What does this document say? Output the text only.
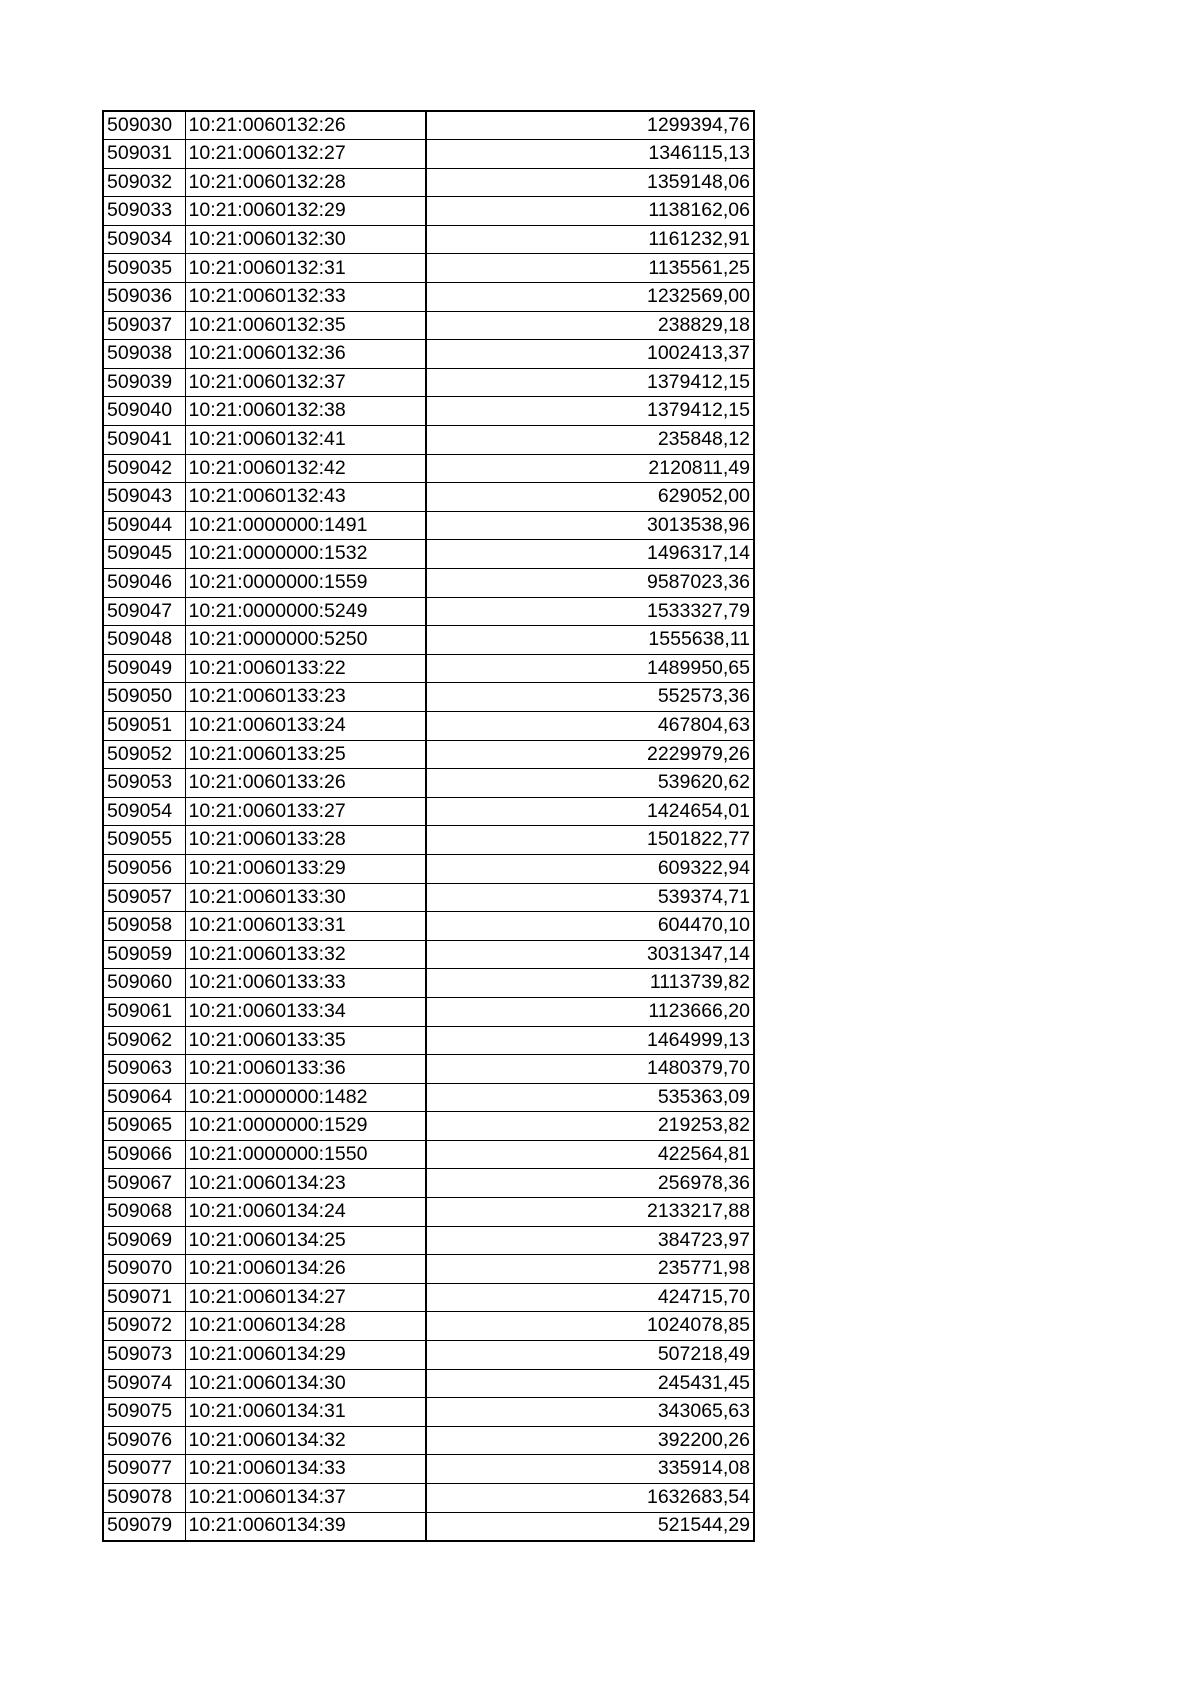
509030	10:21:0060132:26	1299394,76
509031	10:21:0060132:27	1346115,13
509032	10:21:0060132:28	1359148,06
509033	10:21:0060132:29	1138162,06
509034	10:21:0060132:30	1161232,91
509035	10:21:0060132:31	1135561,25
509036	10:21:0060132:33	1232569,00
509037	10:21:0060132:35	238829,18
509038	10:21:0060132:36	1002413,37
509039	10:21:0060132:37	1379412,15
509040	10:21:0060132:38	1379412,15
509041	10:21:0060132:41	235848,12
509042	10:21:0060132:42	2120811,49
509043	10:21:0060132:43	629052,00
509044	10:21:0000000:1491	3013538,96
509045	10:21:0000000:1532	1496317,14
509046	10:21:0000000:1559	9587023,36
509047	10:21:0000000:5249	1533327,79
509048	10:21:0000000:5250	1555638,11
509049	10:21:0060133:22	1489950,65
509050	10:21:0060133:23	552573,36
509051	10:21:0060133:24	467804,63
509052	10:21:0060133:25	2229979,26
509053	10:21:0060133:26	539620,62
509054	10:21:0060133:27	1424654,01
509055	10:21:0060133:28	1501822,77
509056	10:21:0060133:29	609322,94
509057	10:21:0060133:30	539374,71
509058	10:21:0060133:31	604470,10
509059	10:21:0060133:32	3031347,14
509060	10:21:0060133:33	1113739,82
509061	10:21:0060133:34	1123666,20
509062	10:21:0060133:35	1464999,13
509063	10:21:0060133:36	1480379,70
509064	10:21:0000000:1482	535363,09
509065	10:21:0000000:1529	219253,82
509066	10:21:0000000:1550	422564,81
509067	10:21:0060134:23	256978,36
509068	10:21:0060134:24	2133217,88
509069	10:21:0060134:25	384723,97
509070	10:21:0060134:26	235771,98
509071	10:21:0060134:27	424715,70
509072	10:21:0060134:28	1024078,85
509073	10:21:0060134:29	507218,49
509074	10:21:0060134:30	245431,45
509075	10:21:0060134:31	343065,63
509076	10:21:0060134:32	392200,26
509077	10:21:0060134:33	335914,08
509078	10:21:0060134:37	1632683,54
509079	10:21:0060134:39	521544,29
